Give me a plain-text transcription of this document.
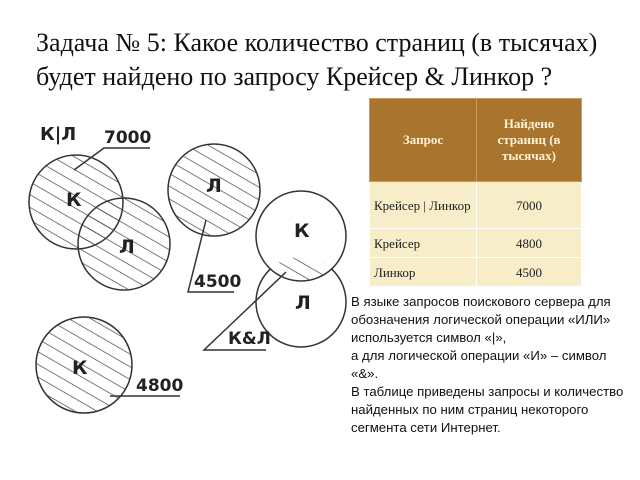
Задача № 5: Какое количество страниц (в тысячах) будет найдено по запросу Крейсер & Линкор ?
К
Л
К|Л 7000
Л
4500
К
Л
К&Л
К
4800
Запрос	Найдено страниц (в тысячах)
Крейсер | Линкор	7000
Крейсер	4800
Линкор	4500

В языке запросов поискового сервера для обозначения логической операции «ИЛИ» используется символ «|»,

а для логической операции «И» – символ «&».

В таблице приведены запросы и количество найденных по ним страниц некоторого сегмента сети Интернет.
